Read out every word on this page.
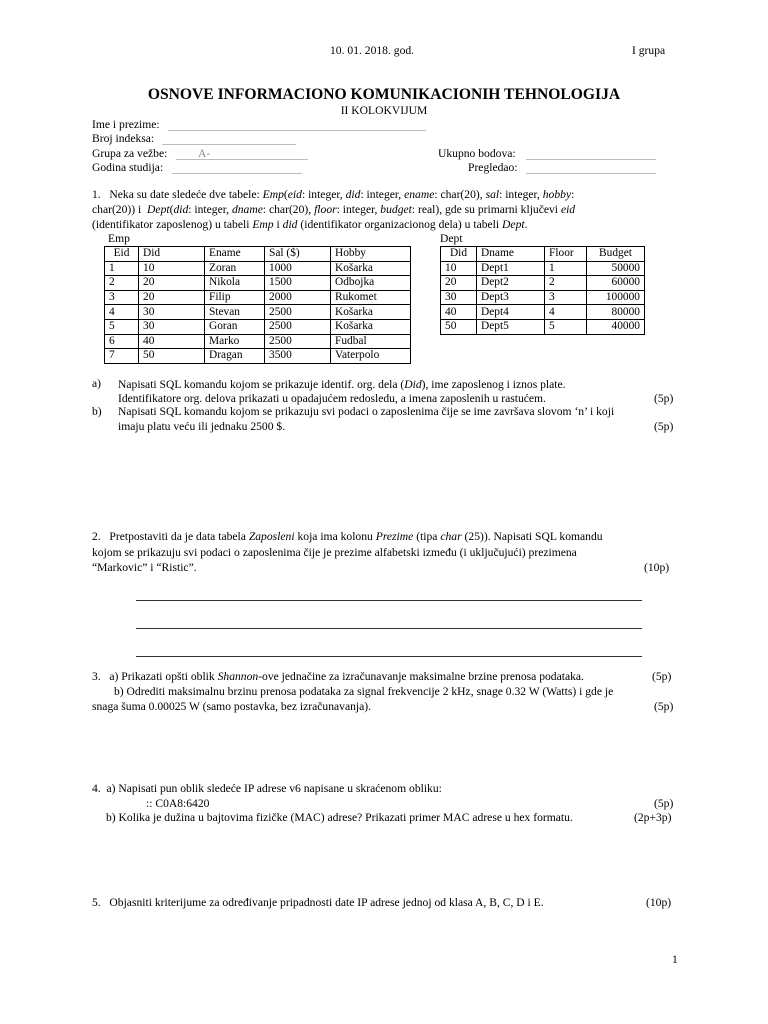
10. 01. 2018. god.	I grupa
OSNOVE INFORMACIONO KOMUNIKACIONIH TEHNOLOGIJA
II KOLOKVIJUM
Ime i prezime:
Broj indeksa:
Grupa za vežbe:	A-
Godina studija:
Ukupno bodova:
Pregledao:
1. Neka su date sledeće dve tabele: Emp(eid: integer, did: integer, ename: char(20), sal: integer, hobby:
char(20)) i Dept(did: integer, dname: char(20), floor: integer, budget: real), gde su primarni ključevi eid
(identifikator zaposlenog) u tabeli Emp i did (identifikator organizacionog dela) u tabeli Dept.
Emp
Eid	Did	Ename	Sal ($)	Hobby
1	10	Zoran	1000	Košarka
2	20	Nikola	1500	Odbojka
3	20	Filip	2000	Rukomet
4	30	Stevan	2500	Košarka
5	30	Goran	2500	Košarka
6	40	Marko	2500	Fudbal
7	50	Dragan	3500	Vaterpolo
Dept
Did	Dname	Floor	Budget
10	Dept1	1	50000
20	Dept2	2	60000
30	Dept3	3	100000
40	Dept4	4	80000
50	Dept5	5	40000
a) Napisati SQL komandu kojom se prikazuje identif. org. dela (Did), ime zaposlenog i iznos plate.
Identifikatore org. delova prikazati u opadajućem redosledu, a imena zaposlenih u rastućem.	(5p)
b) Napisati SQL komandu kojom se prikazuju svi podaci o zaposlenima čije se ime završava slovom ‘n’ i koji
imaju platu veću ili jednaku 2500 $.	(5p)
2. Pretpostaviti da je data tabela Zaposleni koja ima kolonu Prezime (tipa char (25)). Napisati SQL komandu
kojom se prikazuju svi podaci o zaposlenima čije je prezime alfabetski između (i uključujući) prezimena
“Markovic” i “Ristic”.	(10p)
3. a) Prikazati opšti oblik Shannon-ove jednačine za izračunavanje maksimalne brzine prenosa podataka.	(5p)
b) Odrediti maksimalnu brzinu prenosa podataka za signal frekvencije 2 kHz, snage 0.32 W (Watts) i gde je
snaga šuma 0.00025 W (samo postavka, bez izračunavanja).	(5p)
4. a) Napisati pun oblik sledeće IP adrese v6 napisane u skraćenom obliku:
:: C0A8:6420	(5p)
b) Kolika je dužina u bajtovima fizičke (MAC) adrese? Prikazati primer MAC adrese u hex formatu.	(2p+3p)
5. Objasniti kriterijume za određivanje pripadnosti date IP adrese jednoj od klasa A, B, C, D i E.	(10p)
1
